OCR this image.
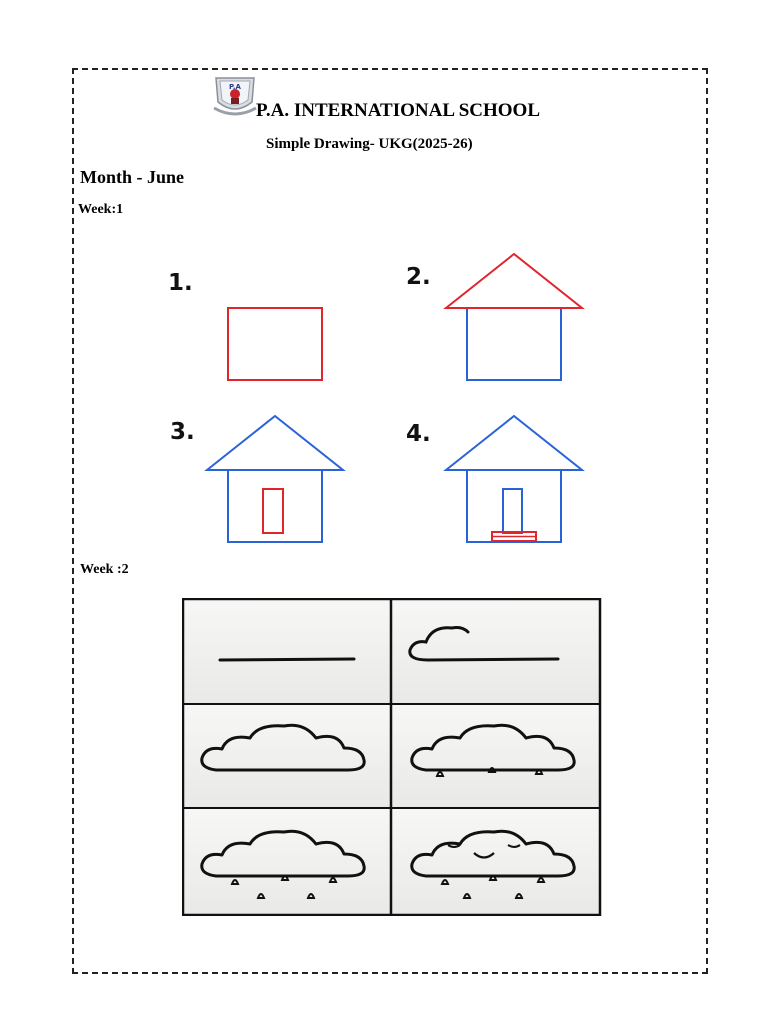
P.A
P.A. INTERNATIONAL SCHOOL
Simple Drawing- UKG(2025-26)
Month - June
Week:1
1.	2.
3.	4.
Week :2
